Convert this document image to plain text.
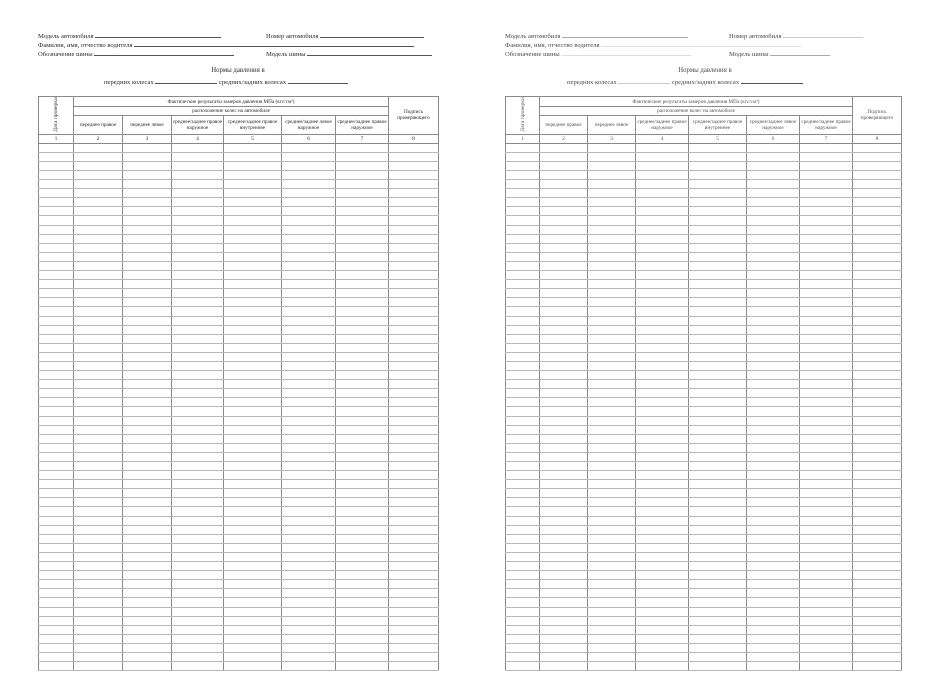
Модель автомобиля	Номер автомобиля
Фамилия, имя, отчество водителя
Обозначение шины	Модель шины
Нормы давления в
передних колесах	средних/задних колесах
Дата проверки	Фактические результаты замеров давления МПа (кгс/см²)						Подпись проверяющего
	расположение колес на автомобиле						
	переднее правое	переднее левое	среднее/заднее правое наружное	среднее/заднее правое внутреннее	среднее/заднее левое наружное	среднее/заднее правое наружное	
1	2	3	4	5	6	7	8

Модель автомобиля	Номер автомобиля
Фамилия, имя, отчество водителя
Обозначение шины	Модель шины
Нормы давления в
передних колесах	средних/задних колесах
Дата проверки	Фактические результаты замеров давления МПа (кгс/см²)						Подпись проверяющего
	расположение колес на автомобиле						
	переднее правое	переднее левое	среднее/заднее правое наружное	среднее/заднее правое внутреннее	среднее/заднее левое наружное	среднее/заднее правое наружное	
1	2	3	4	5	6	7	8
